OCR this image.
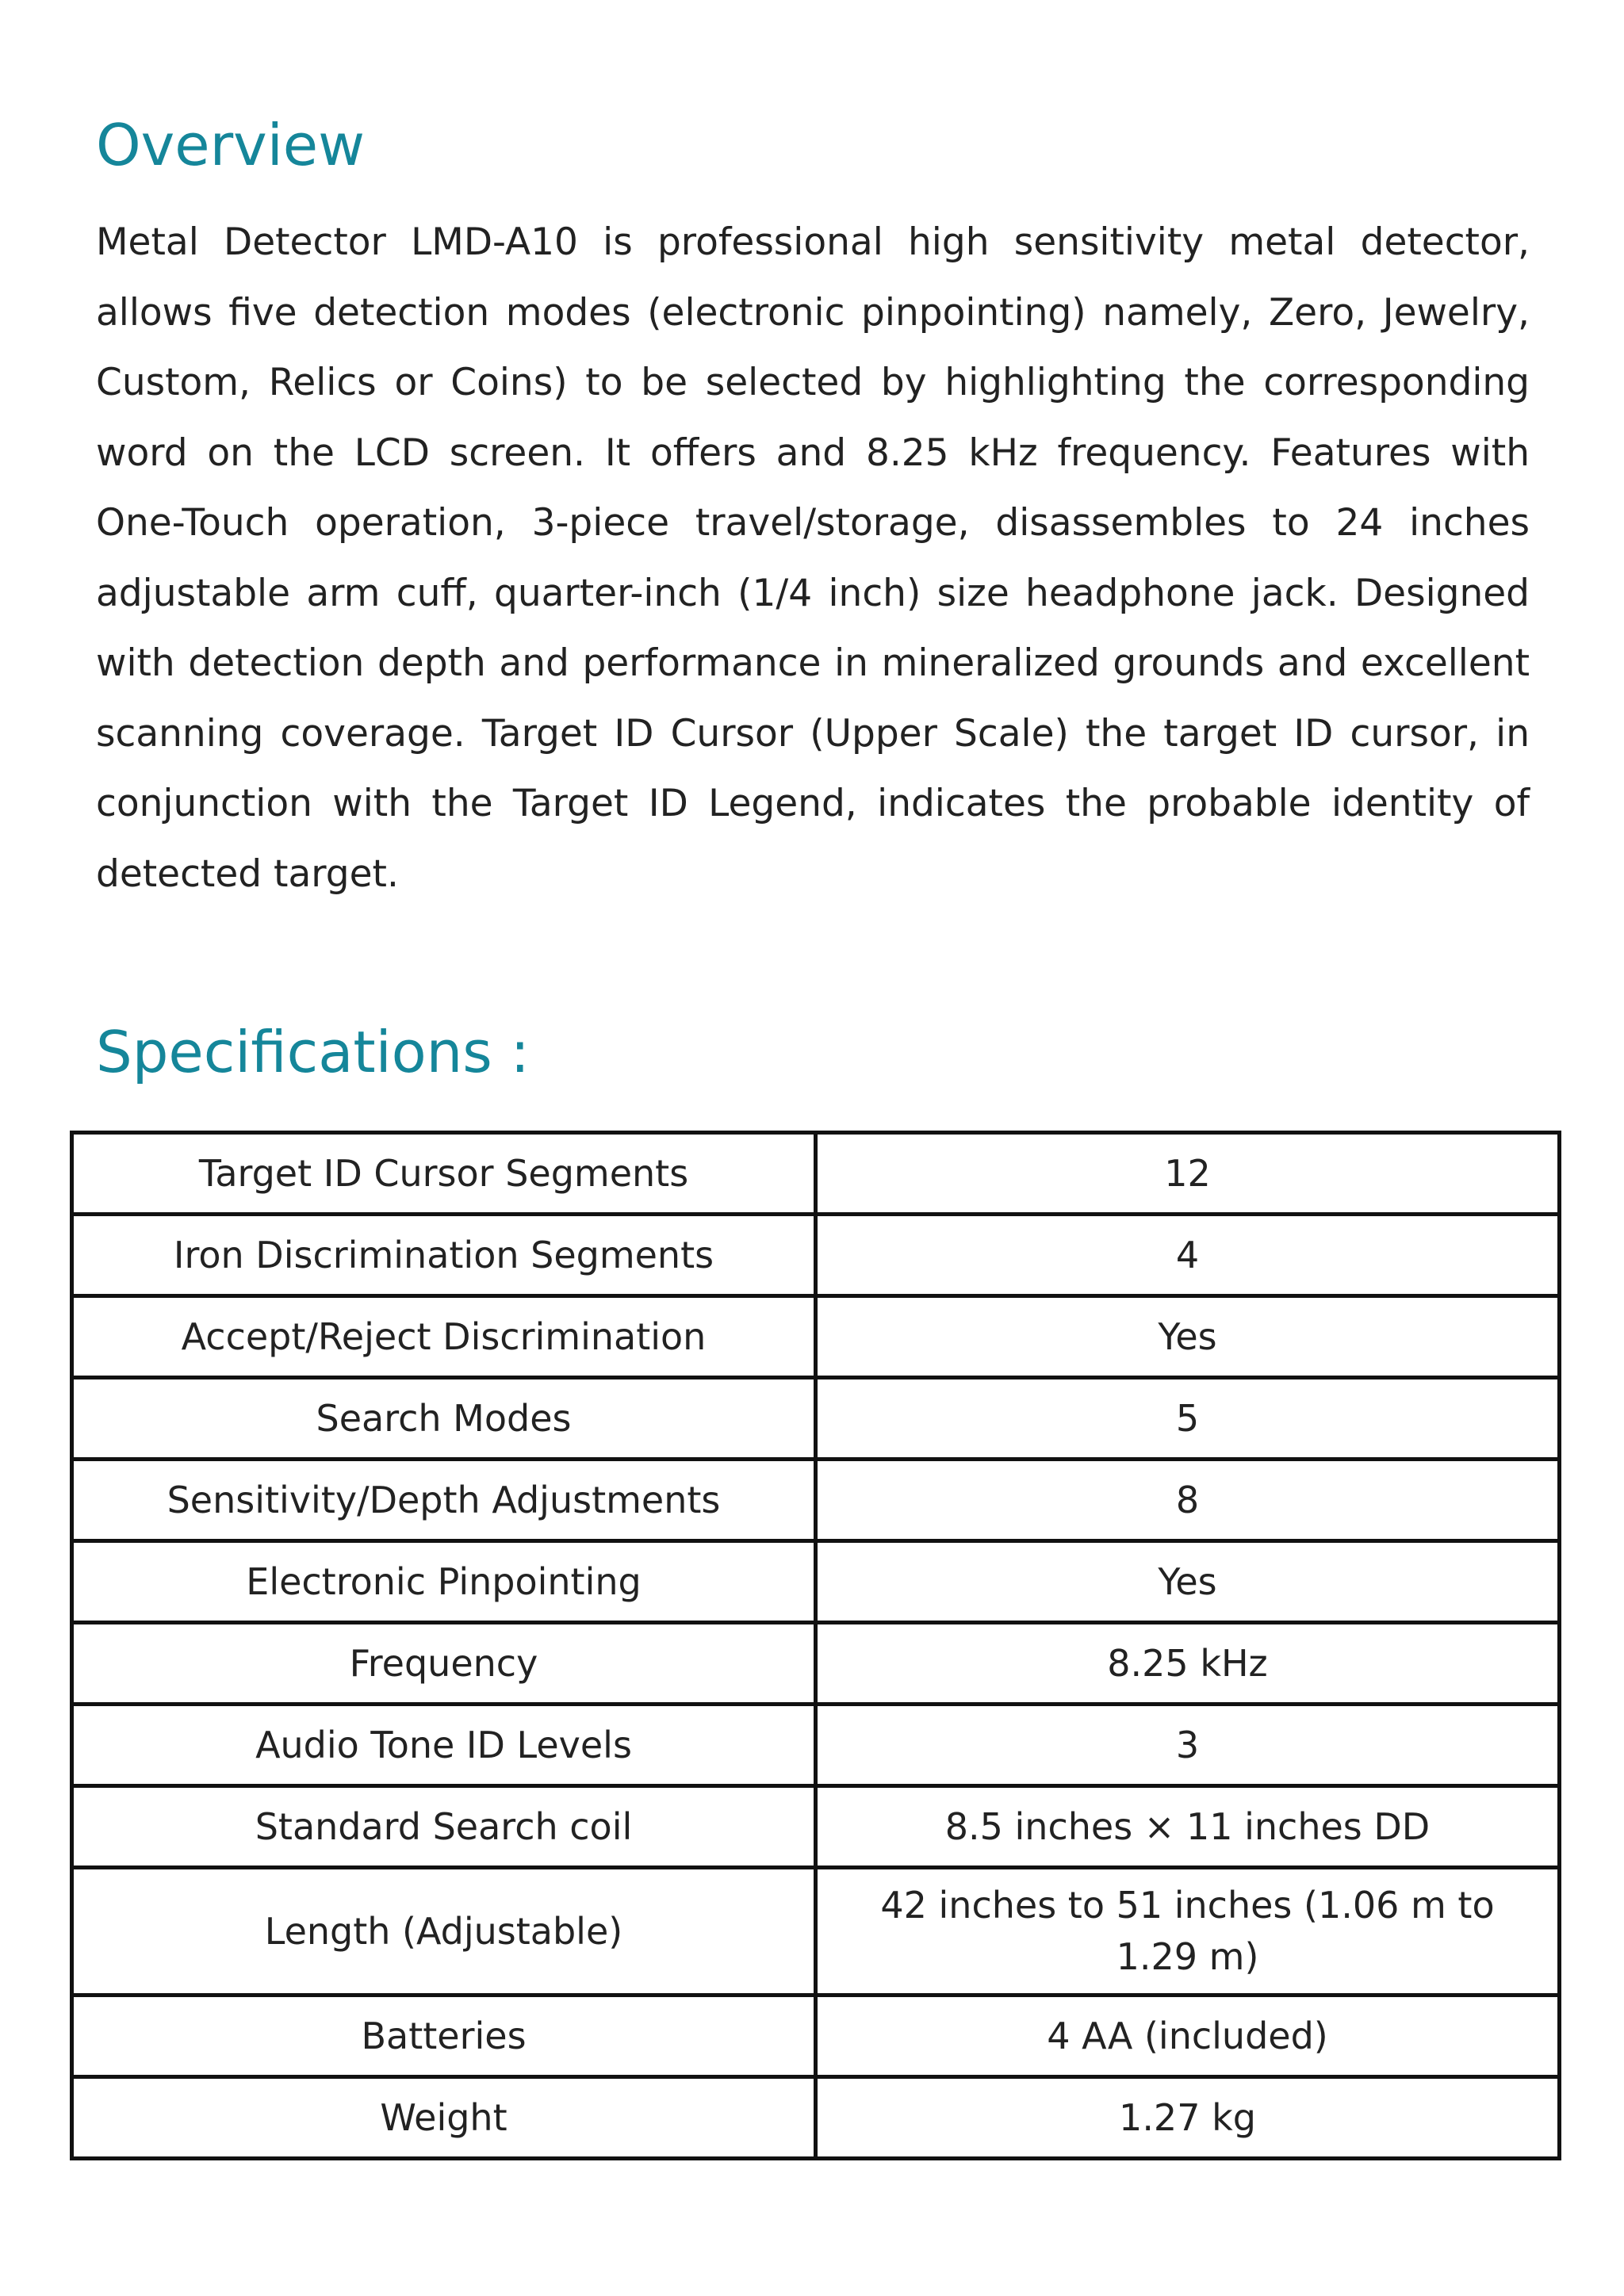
Overview

Metal Detector LMD-A10 is professional high sensitivity metal detector, allows five detection modes (electronic pinpointing) namely, Zero, Jewelry, Custom, Relics or Coins) to be selected by highlighting the corresponding word on the LCD screen. It offers and 8.25 kHz frequency. Features with One-Touch operation, 3-piece travel/storage, disassembles to 24 inches adjustable arm cuff, quarter-inch (1/4 inch) size headphone jack. Designed with detection depth and performance in mineralized grounds and excellent scanning coverage. Target ID Cursor (Upper Scale) the target ID cursor, in conjunction with the Target ID Legend, indicates the probable identity of detected target.

Specifications :
Target ID Cursor Segments	12
Iron Discrimination Segments	4
Accept/Reject Discrimination	Yes
Search Modes	5
Sensitivity/Depth Adjustments	8
Electronic Pinpointing	Yes
Frequency	8.25 kHz
Audio Tone ID Levels	3
Standard Search coil	8.5 inches × 11 inches DD
Length (Adjustable)	42 inches to 51 inches (1.06 m to 1.29 m)
Batteries	4 AA (included)
Weight	1.27 kg
